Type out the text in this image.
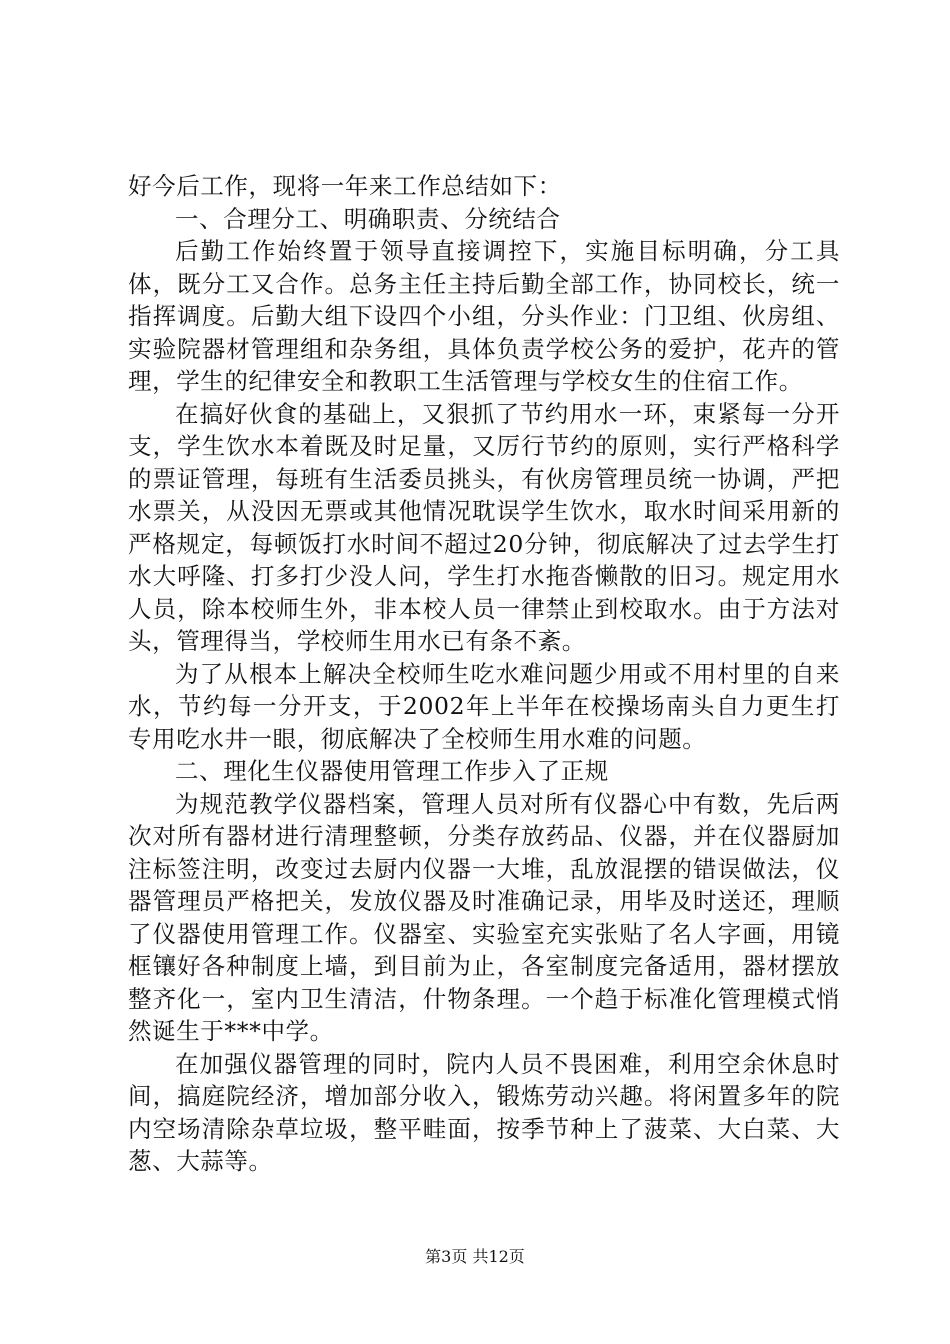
好今后工作，现将一年来工作总结如下：

一、合理分工、明确职责、分统结合

后勤工作始终置于领导直接调控下，实施目标明确，分工具体，既分工又合作。总务主任主持后勤全部工作，协同校长，统一指挥调度。后勤大组下设四个小组，分头作业：门卫组、伙房组、实验院器材管理组和杂务组，具体负责学校公务的爱护，花卉的管理，学生的纪律安全和教职工生活管理与学校女生的住宿工作。

在搞好伙食的基础上，又狠抓了节约用水一环，束紧每一分开支，学生饮水本着既及时足量，又厉行节约的原则，实行严格科学的票证管理，每班有生活委员挑头，有伙房管理员统一协调，严把水票关，从没因无票或其他情况耽误学生饮水，取水时间采用新的严格规定，每顿饭打水时间不超过20分钟，彻底解决了过去学生打水大呼隆、打多打少没人问，学生打水拖沓懒散的旧习。规定用水人员，除本校师生外，非本校人员一律禁止到校取水。由于方法对头，管理得当，学校师生用水已有条不紊。

为了从根本上解决全校师生吃水难问题少用或不用村里的自来水，节约每一分开支，于2002年上半年在校操场南头自力更生打专用吃水井一眼，彻底解决了全校师生用水难的问题。

二、理化生仪器使用管理工作步入了正规

为规范教学仪器档案，管理人员对所有仪器心中有数，先后两次对所有器材进行清理整顿，分类存放药品、仪器，并在仪器厨加注标签注明，改变过去厨内仪器一大堆，乱放混摆的错误做法，仪器管理员严格把关，发放仪器及时准确记录，用毕及时送还，理顺了仪器使用管理工作。仪器室、实验室充实张贴了名人字画，用镜框镶好各种制度上墙，到目前为止，各室制度完备适用，器材摆放整齐化一，室内卫生清洁，什物条理。一个趋于标准化管理模式悄然诞生于***中学。

在加强仪器管理的同时，院内人员不畏困难，利用空余休息时间，搞庭院经济，增加部分收入，锻炼劳动兴趣。将闲置多年的院内空场清除杂草垃圾，整平畦面，按季节种上了菠菜、大白菜、大葱、大蒜等。

第3页 共12页
